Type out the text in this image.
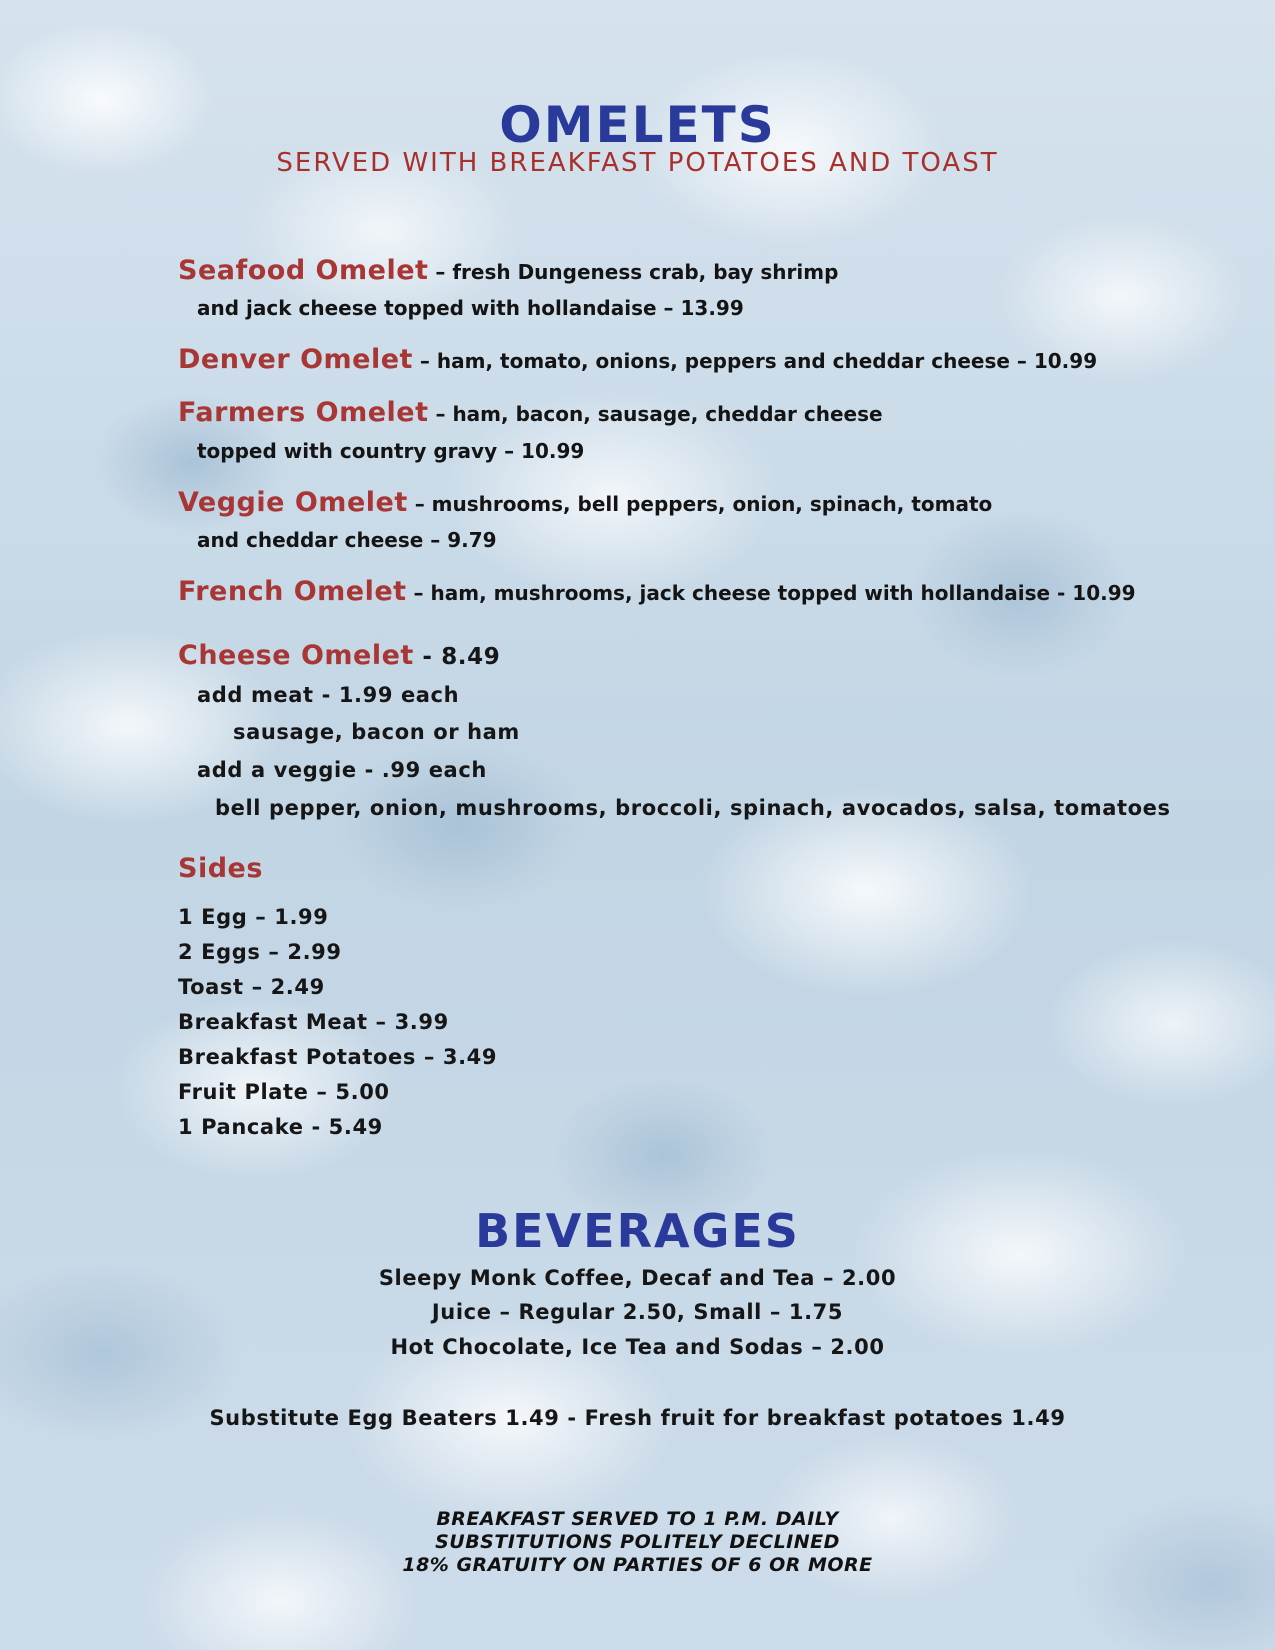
OMELETS
SERVED WITH BREAKFAST POTATOES AND TOAST
Seafood Omelet – fresh Dungeness crab, bay shrimp
and jack cheese topped with hollandaise – 13.99
Denver Omelet – ham, tomato, onions, peppers and cheddar cheese – 10.99
Farmers Omelet – ham, bacon, sausage, cheddar cheese
topped with country gravy – 10.99
Veggie Omelet – mushrooms, bell peppers, onion, spinach, tomato
and cheddar cheese – 9.79
French Omelet – ham, mushrooms, jack cheese topped with hollandaise - 10.99
Cheese Omelet - 8.49
add meat - 1.99 each
sausage, bacon or ham
add a veggie - .99 each
bell pepper, onion, mushrooms, broccoli, spinach, avocados, salsa, tomatoes
Sides
1 Egg – 1.99
2 Eggs – 2.99
Toast – 2.49
Breakfast Meat – 3.99
Breakfast Potatoes – 3.49
Fruit Plate – 5.00
1 Pancake - 5.49
BEVERAGES
Sleepy Monk Coffee, Decaf and Tea – 2.00
Juice – Regular 2.50, Small – 1.75
Hot Chocolate, Ice Tea and Sodas – 2.00
Substitute Egg Beaters 1.49 - Fresh fruit for breakfast potatoes 1.49
BREAKFAST SERVED TO 1 P.M. DAILY
SUBSTITUTIONS POLITELY DECLINED
18% GRATUITY ON PARTIES OF 6 OR MORE
